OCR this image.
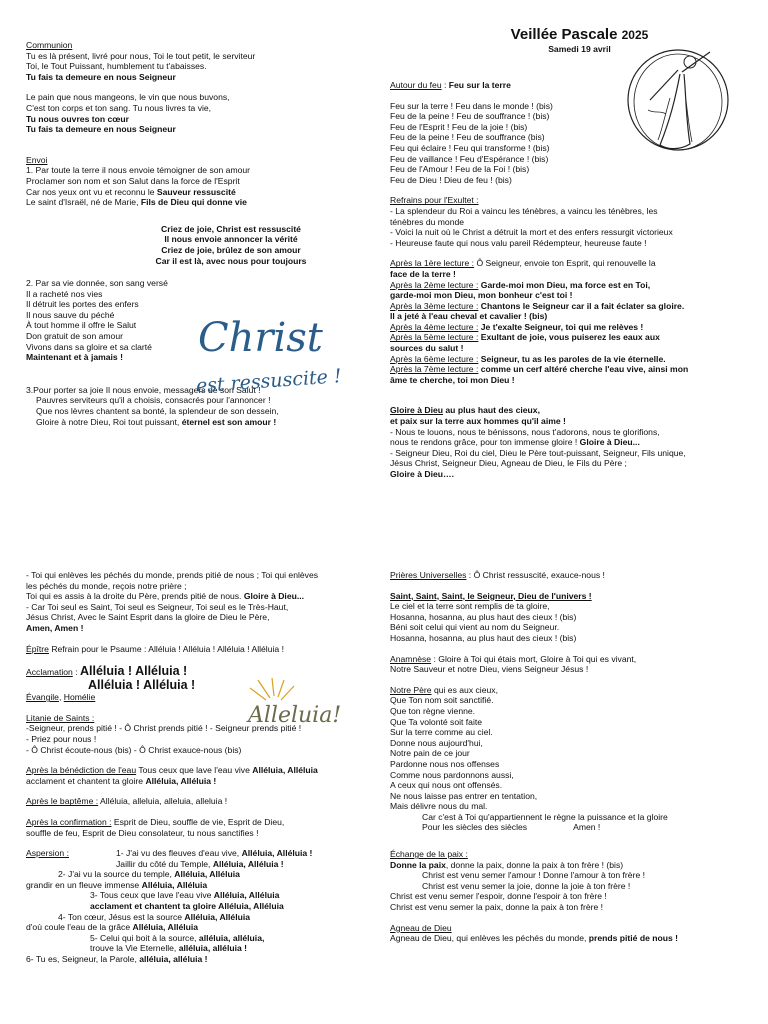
Veillée Pascale 2025
Samedi 19 avril

Communion

Tu es là présent, livré pour nous, Toi le tout petit, le serviteur

Toi, le Tout Puissant, humblement tu t'abaisses.

Tu fais ta demeure en nous Seigneur

Le pain que nous mangeons, le vin que nous buvons,

C'est ton corps et ton sang. Tu nous livres ta vie,

Tu nous ouvres ton cœur

Tu fais ta demeure en nous Seigneur

Envoi

1. Par toute la terre il nous envoie témoigner de son amour

Proclamer son nom et son Salut dans la force de l'Esprit

Car nos yeux ont vu et reconnu le Sauveur ressuscité

Le saint d'Israël, né de Marie, Fils de Dieu qui donne vie

Criez de joie, Christ est ressuscité

Il nous envoie annoncer la vérité

Criez de joie, brûlez de son amour

Car il est là, avec nous pour toujours

2. Par sa vie donnée, son sang versé

Il a racheté nos vies

Il détruit les portes des enfers

Il nous sauve du péché

À tout homme il offre le Salut

Don gratuit de son amour

Vivons dans sa gloire et sa clarté

Maintenant et à jamais !

3.Pour porter sa joie Il nous envoie, messagers de son Salut !

Pauvres serviteurs qu'il a choisis, consacrés pour l'annoncer !

Que nos lèvres chantent sa bonté, la splendeur de son dessein,

Gloire à notre Dieu, Roi tout puissant, éternel est son amour !

Christ
est ressuscite !

Autour du feu : Feu sur la terre

Feu sur la terre ! Feu dans le monde ! (bis)

Feu de la peine ! Feu de souffrance ! (bis)

Feu de l'Esprit ! Feu de la joie ! (bis)

Feu de la peine ! Feu de souffrance (bis)

Feu qui éclaire ! Feu qui transforme ! (bis)

Feu de vaillance ! Feu d'Espérance ! (bis)

Feu de l'Amour ! Feu de la Foi ! (bis)

Feu de Dieu ! Dieu de feu ! (bis)

Refrains pour l'Exultet :

- La splendeur du Roi a vaincu les ténèbres, a vaincu les ténèbres, les

ténèbres du monde

- Voici la nuit où le Christ a détruit la mort et des enfers ressurgit victorieux

- Heureuse faute qui nous valu pareil Rédempteur, heureuse faute !

Après la 1ère lecture : Ô Seigneur, envoie ton Esprit, qui renouvelle la

face de la terre !

Après la 2ème lecture : Garde-moi mon Dieu, ma force est en Toi,

garde-moi mon Dieu, mon bonheur c'est toi !

Après la 3ème lecture : Chantons le Seigneur car il a fait éclater sa gloire.

Il a jeté à l'eau cheval et cavalier ! (bis)

Après la 4ème lecture : Je t'exalte Seigneur, toi qui me relèves !

Après la 5ème lecture : Exultant de joie, vous puiserez les eaux aux

sources du salut !

Après la 6ème lecture : Seigneur, tu as les paroles de la vie éternelle.

Après la 7ème lecture : comme un cerf altéré cherche l'eau vive, ainsi mon

âme te cherche, toi mon Dieu !

Gloire à Dieu au plus haut des cieux,

et paix sur la terre aux hommes qu'il aime !

- Nous te louons, nous te bénissons, nous t'adorons, nous te glorifions,

nous te rendons grâce, pour ton immense gloire ! Gloire à Dieu...

- Seigneur Dieu, Roi du ciel, Dieu le Père tout-puissant, Seigneur, Fils unique,

Jésus Christ, Seigneur Dieu, Agneau de Dieu, le Fils du Père ;

Gloire à Dieu….

- Toi qui enlèves les péchés du monde, prends pitié de nous ; Toi qui enlèves

les péchés du monde, reçois notre prière ;

Toi qui es assis à la droite du Père, prends pitié de nous. Gloire à Dieu...

- Car Toi seul es Saint, Toi seul es Seigneur, Toi seul es le Très-Haut,

Jésus Christ, Avec le Saint Esprit dans la gloire de Dieu le Père,

Amen, Amen !

Épître Refrain pour le Psaume : Alléluia ! Alléluia ! Alléluia ! Alléluia !

Acclamation : Alléluia ! Alléluia !

Alléluia ! Alléluia !

Évangile, Homélie

Litanie de Saints :

-Seigneur, prends pitié ! - Ô Christ prends pitié ! - Seigneur prends pitié !

- Priez pour nous !

- Ô Christ écoute-nous (bis) - Ô Christ exauce-nous (bis)

Après la bénédiction de l'eau Tous ceux que lave l'eau vive Alléluia, Alléluia

acclament et chantent ta gloire Alléluia, Alléluia !

Après le baptême : Alléluia, alleluia, alleluia, alleluia !

Après la confirmation : Esprit de Dieu, souffle de vie, Esprit de Dieu,

souffle de feu, Esprit de Dieu consolateur, tu nous sanctifies !

Aspersion :	1- J'ai vu des fleuves d'eau vive, Alléluia, Alléluia !

Jaillir du côté du Temple, Alléluia, Alléluia !

2- J'ai vu la source du temple, Alléluia, Alléluia

grandir en un fleuve immense Alléluia, Alléluia

3- Tous ceux que lave l'eau vive Alléluia, Alléluia

acclament et chantent ta gloire Alléluia, Alléluia

4- Ton cœur, Jésus est la source Alléluia, Alléluia

d'où coule l'eau de la grâce Alléluia, Alléluia

5- Celui qui boit à la source, alléluia, alléluia,

trouve la Vie Eternelle, alléluia, alléluia !

6- Tu es, Seigneur, la Parole, alléluia, alléluia !

Alleluia!

Prières Universelles : Ô Christ ressuscité, exauce-nous !

Saint, Saint, Saint, le Seigneur, Dieu de l'univers !

Le ciel et la terre sont remplis de ta gloire,

Hosanna, hosanna, au plus haut des cieux ! (bis)

Béni soit celui qui vient au nom du Seigneur.

Hosanna, hosanna, au plus haut des cieux ! (bis)

Anamnèse : Gloire à Toi qui étais mort, Gloire à Toi qui es vivant,

Notre Sauveur et notre Dieu, viens Seigneur Jésus !

Notre Père qui es aux cieux,

Que Ton nom soit sanctifié.

Que ton règne vienne.

Que Ta volonté soit faite

Sur la terre comme au ciel.

Donne nous aujourd'hui,

Notre pain de ce jour

Pardonne nous nos offenses

Comme nous pardonnons aussi,

A ceux qui nous ont offensés.

Ne nous laisse pas entrer en tentation,

Mais délivre nous du mal.

Car c'est à Toi qu'appartiennent le règne la puissance et la gloire

Pour les siècles des siècles	Amen !

Échange de la paix :

Donne la paix, donne la paix, donne la paix à ton frère ! (bis)

Christ est venu semer l'amour ! Donne l'amour à ton frère !

Christ est venu semer la joie, donne la joie à ton frère !

Christ est venu semer l'espoir, donne l'espoir à ton frère !

Christ est venu semer la paix, donne la paix à ton frère !

Agneau de Dieu

Agneau de Dieu, qui enlèves les péchés du monde, prends pitié de nous !
